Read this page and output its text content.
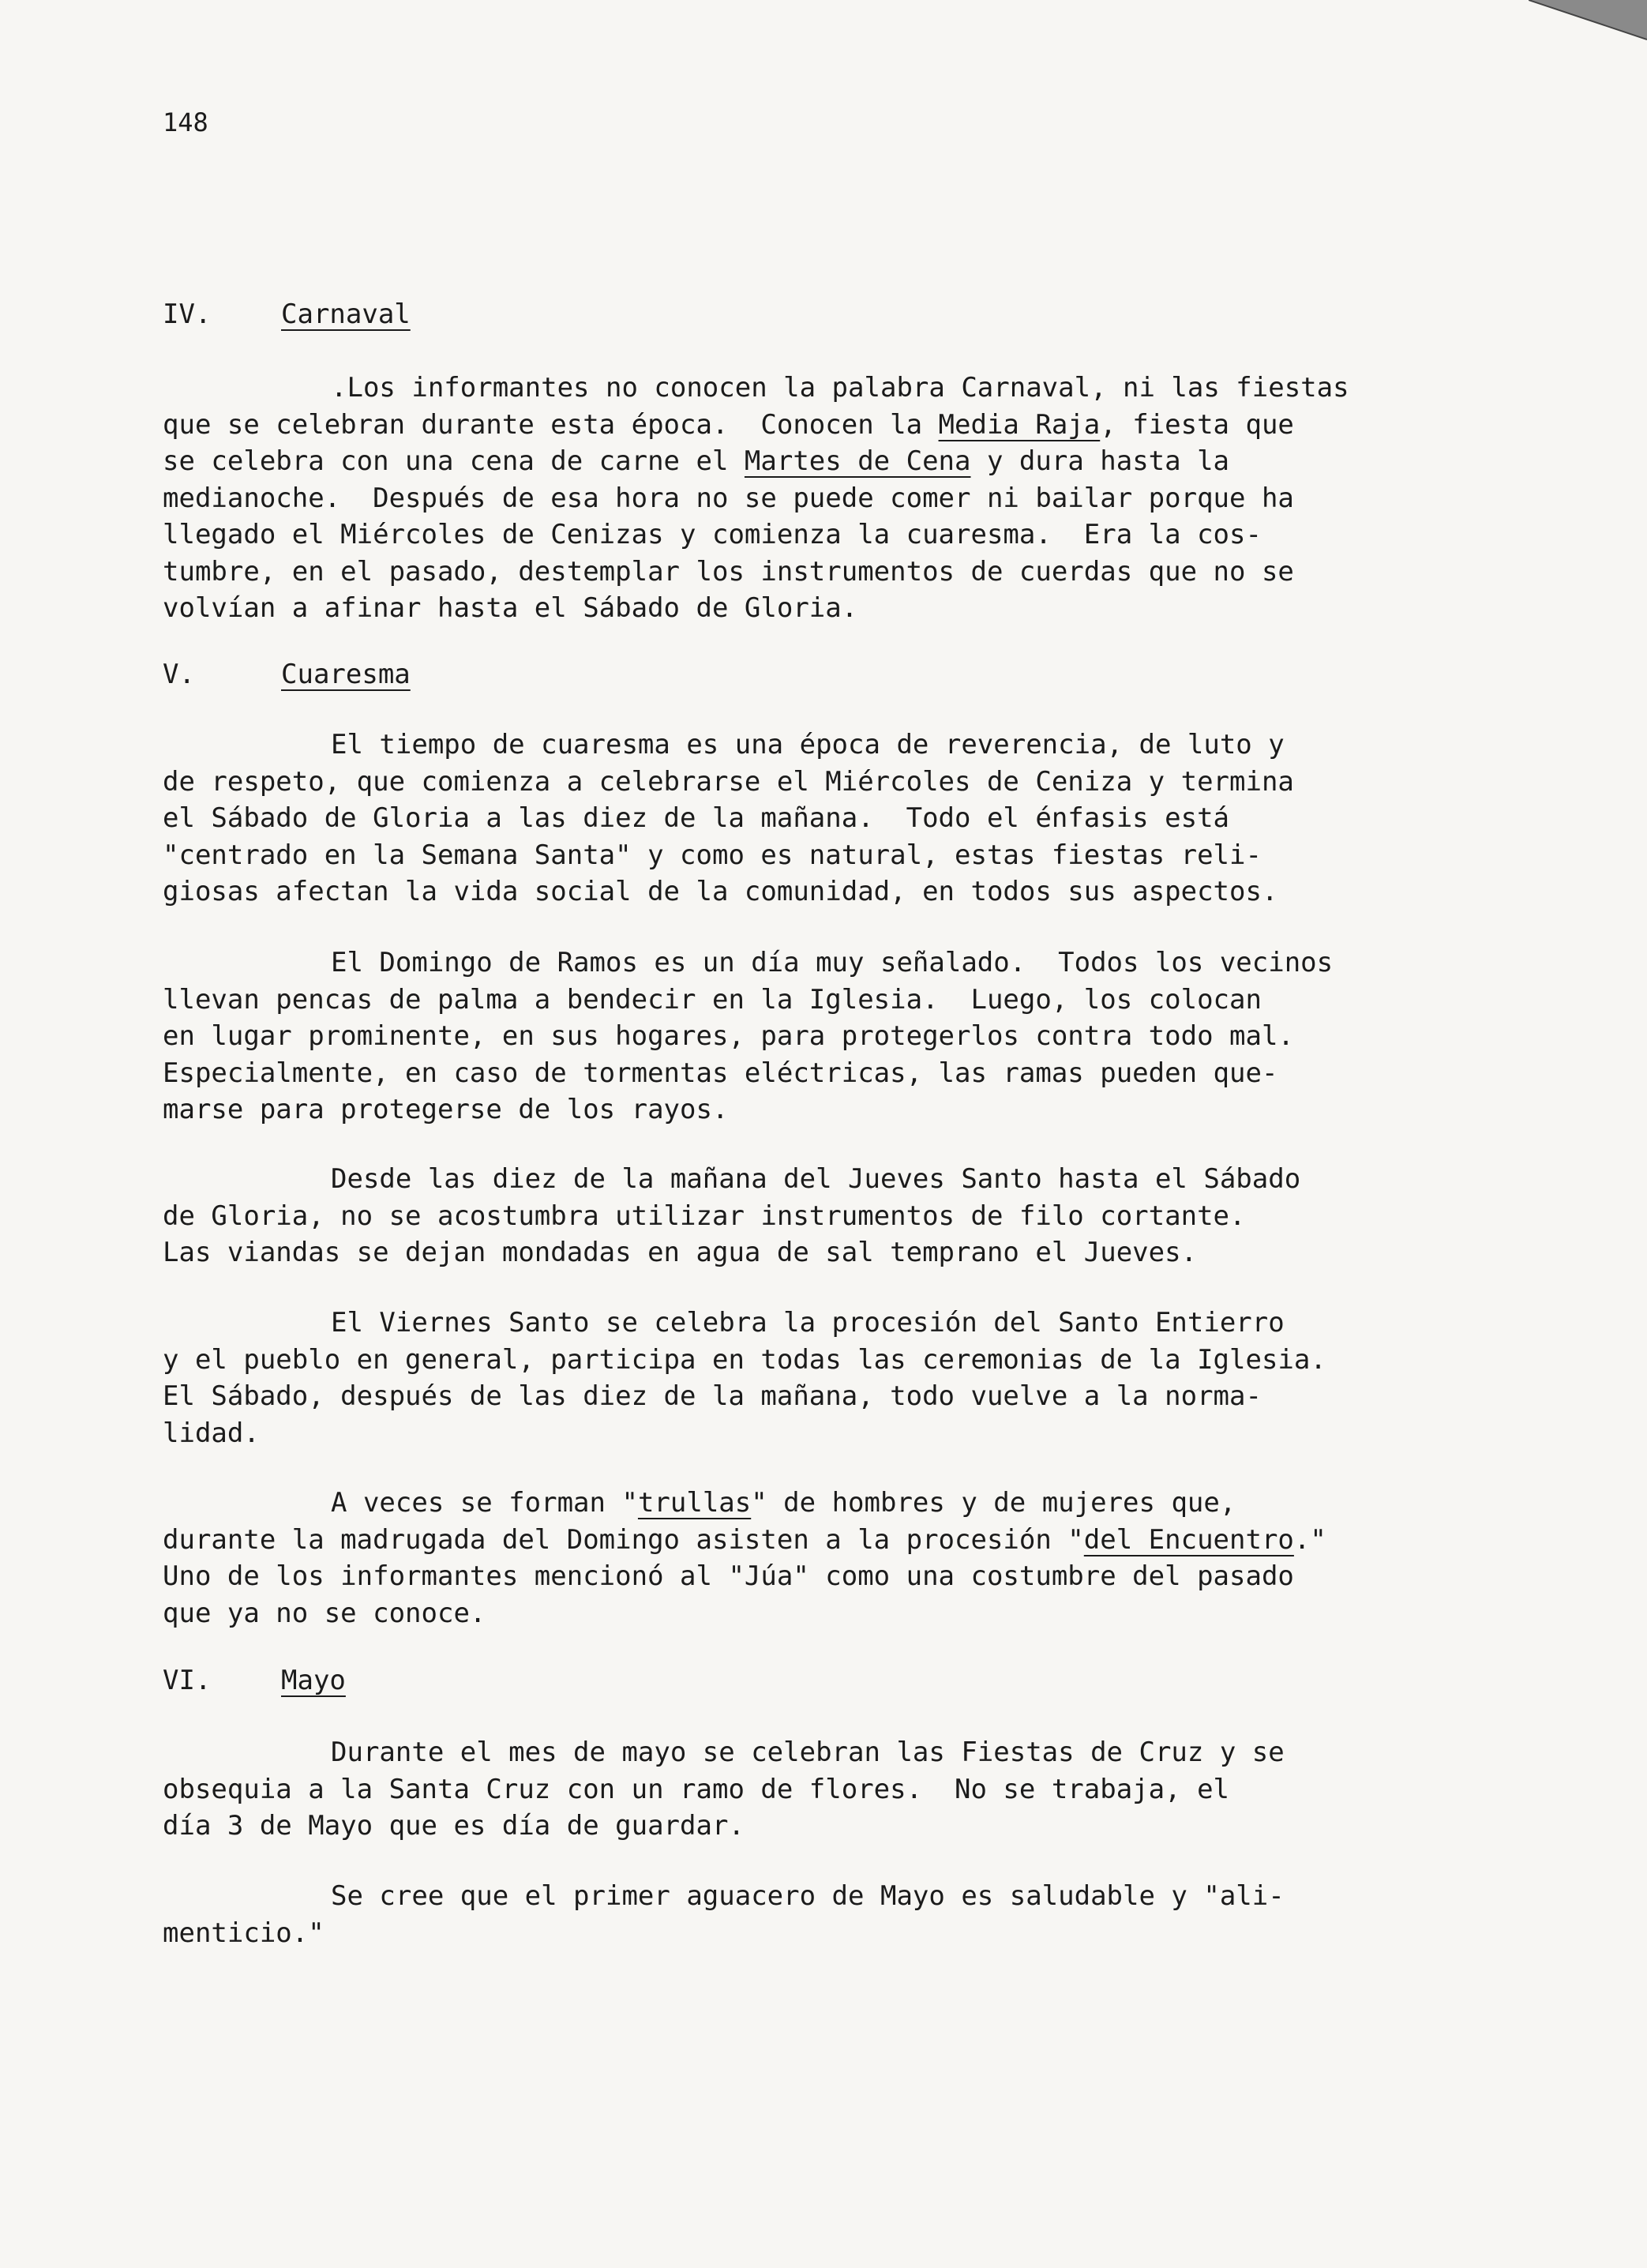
148
IV.	Carnaval
.Los informantes no conocen la palabra Carnaval, ni las fiestas
que se celebran durante esta época.  Conocen la Media Raja, fiesta que
se celebra con una cena de carne el Martes de Cena y dura hasta la
medianoche.  Después de esa hora no se puede comer ni bailar porque ha
llegado el Miércoles de Cenizas y comienza la cuaresma.  Era la cos-
tumbre, en el pasado, destemplar los instrumentos de cuerdas que no se
volvían a afinar hasta el Sábado de Gloria.
V.	Cuaresma
El tiempo de cuaresma es una época de reverencia, de luto y
de respeto, que comienza a celebrarse el Miércoles de Ceniza y termina
el Sábado de Gloria a las diez de la mañana.  Todo el énfasis está
"centrado en la Semana Santa" y como es natural, estas fiestas reli-
giosas afectan la vida social de la comunidad, en todos sus aspectos.
El Domingo de Ramos es un día muy señalado.  Todos los vecinos
llevan pencas de palma a bendecir en la Iglesia.  Luego, los colocan
en lugar prominente, en sus hogares, para protegerlos contra todo mal.
Especialmente, en caso de tormentas eléctricas, las ramas pueden que-
marse para protegerse de los rayos.
Desde las diez de la mañana del Jueves Santo hasta el Sábado
de Gloria, no se acostumbra utilizar instrumentos de filo cortante.
Las viandas se dejan mondadas en agua de sal temprano el Jueves.
El Viernes Santo se celebra la procesión del Santo Entierro
y el pueblo en general, participa en todas las ceremonias de la Iglesia.
El Sábado, después de las diez de la mañana, todo vuelve a la norma-
lidad.
A veces se forman "trullas" de hombres y de mujeres que,
durante la madrugada del Domingo asisten a la procesión "del Encuentro."
Uno de los informantes mencionó al "Júa" como una costumbre del pasado
que ya no se conoce.
VI.	Mayo
Durante el mes de mayo se celebran las Fiestas de Cruz y se
obsequia a la Santa Cruz con un ramo de flores.  No se trabaja, el
día 3 de Mayo que es día de guardar.
Se cree que el primer aguacero de Mayo es saludable y "ali-
menticio."
